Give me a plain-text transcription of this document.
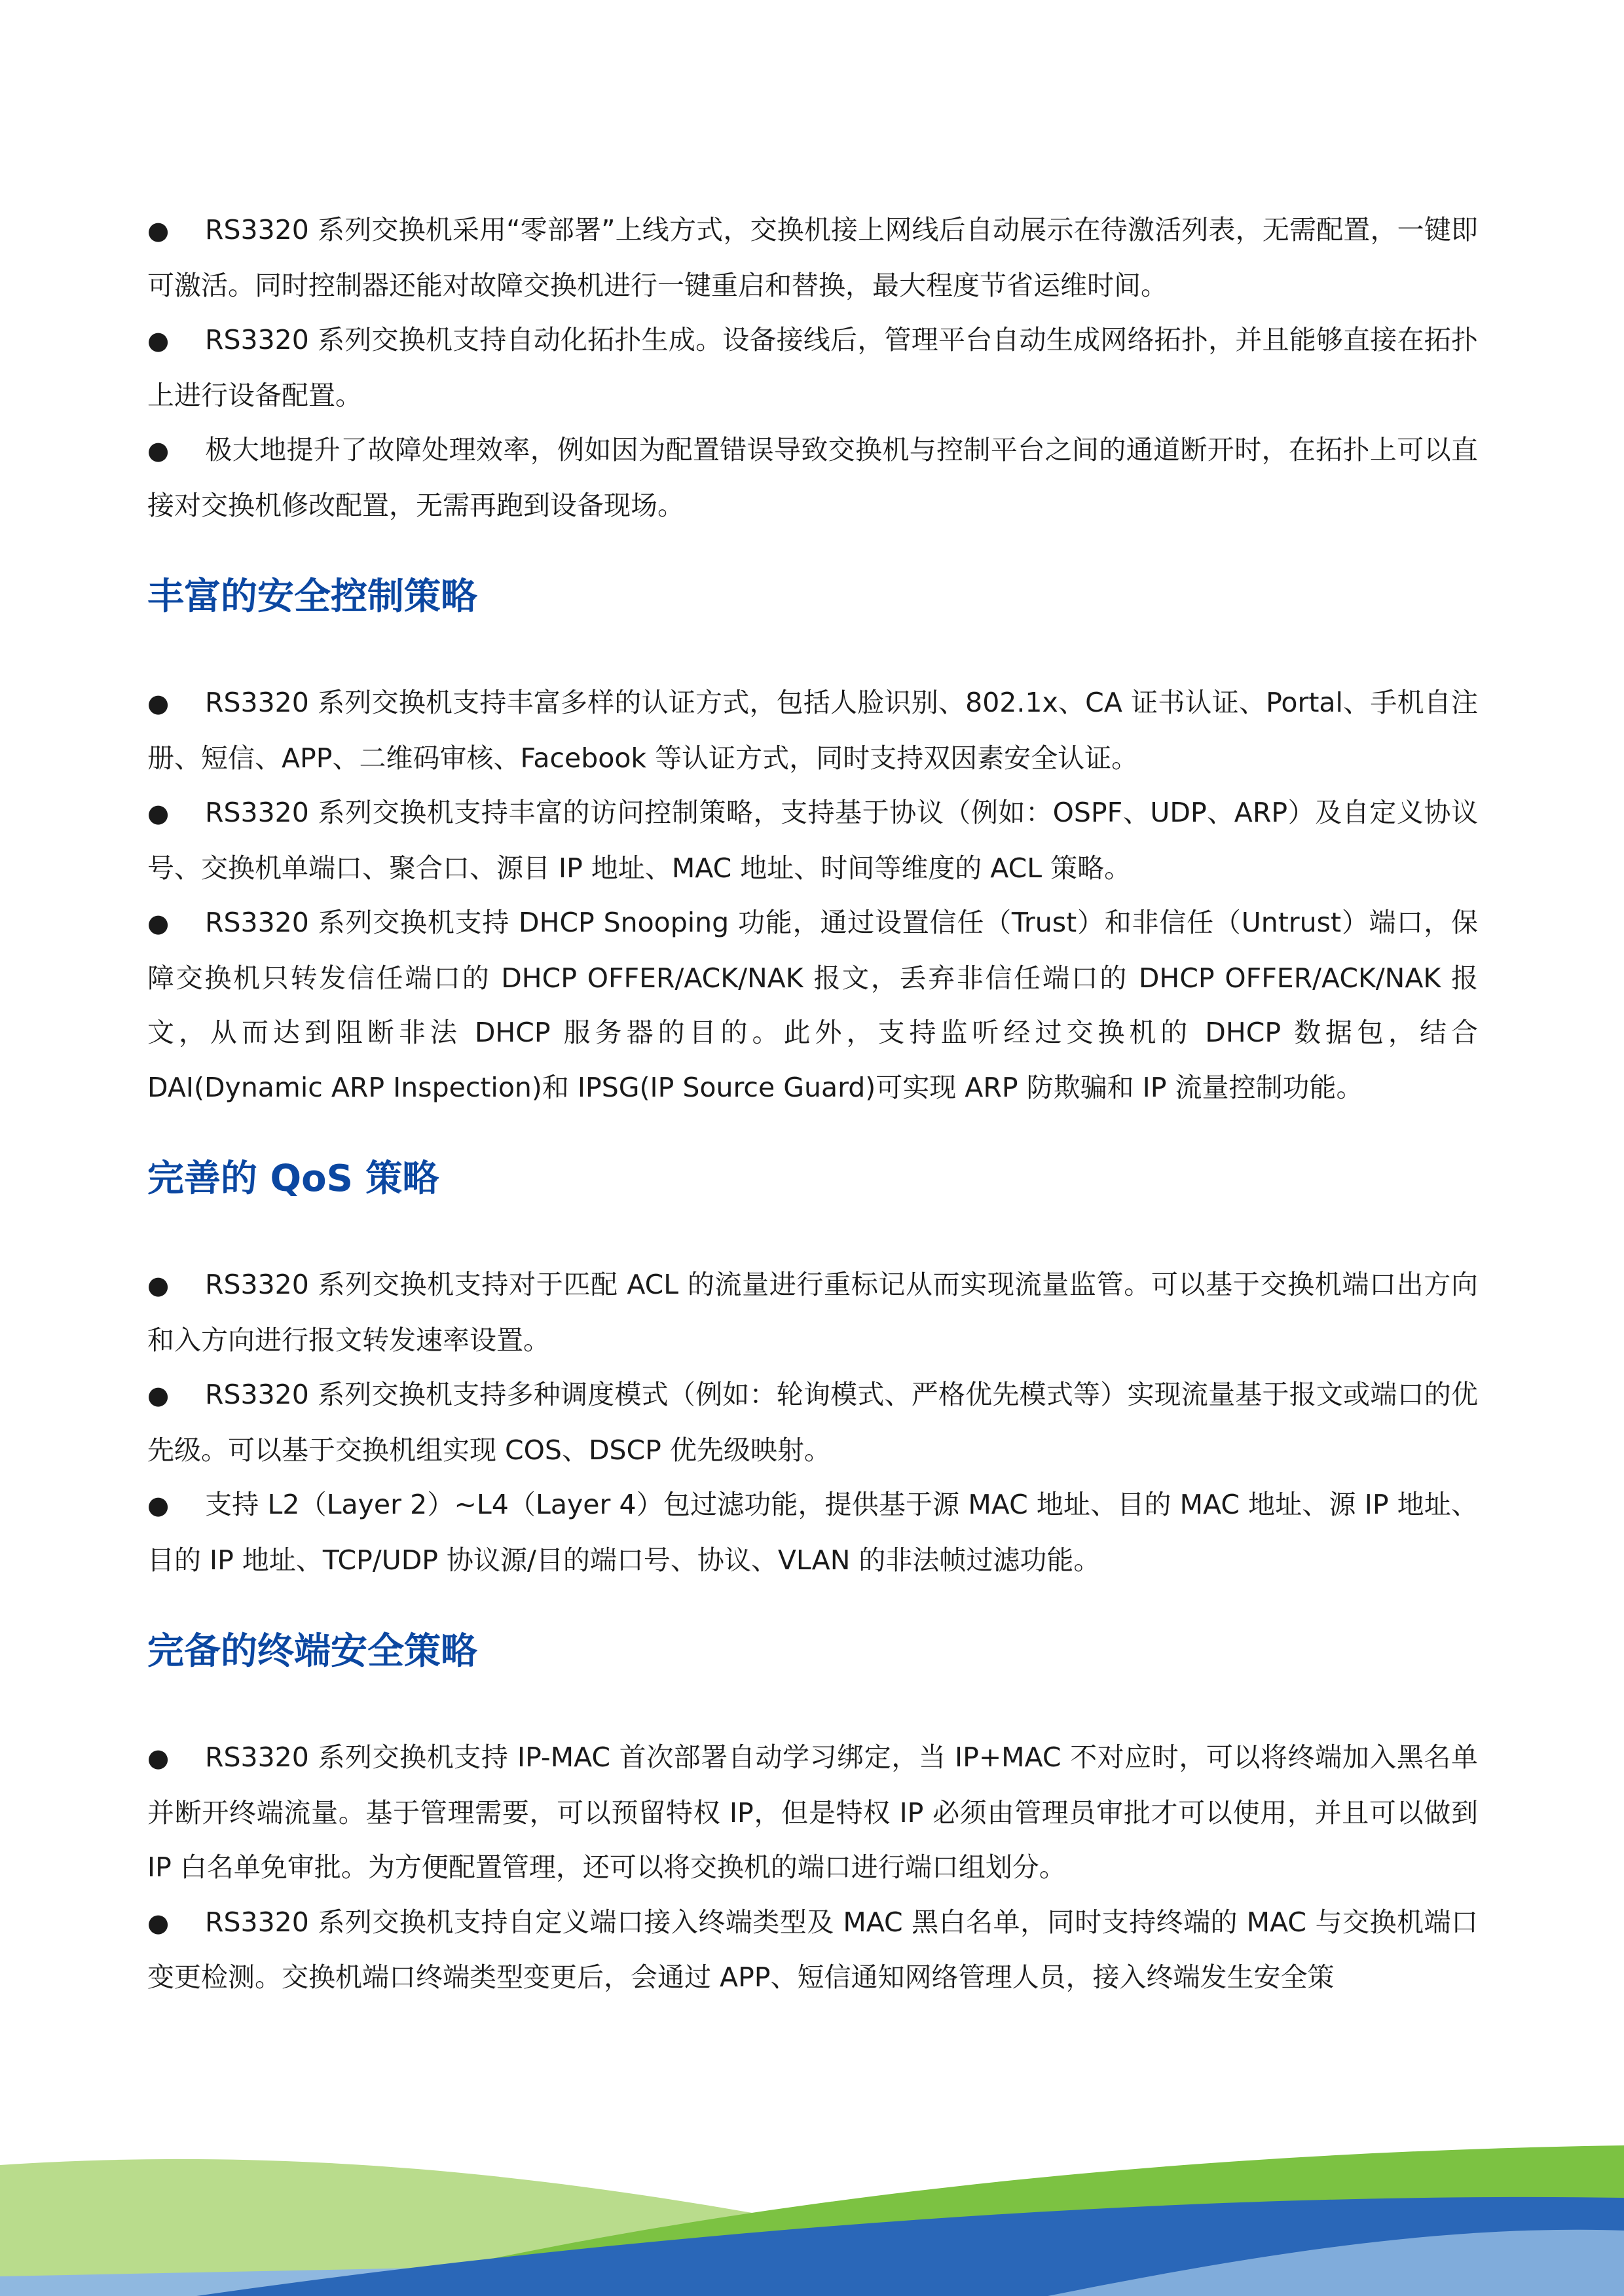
● RS3320 系列交换机采用“零部署”上线方式，交换机接上网线后自动展示在待激活列表，无需配置，一键即可激活。同时控制器还能对故障交换机进行一键重启和替换，最大程度节省运维时间。

● RS3320 系列交换机支持自动化拓扑生成。设备接线后，管理平台自动生成网络拓扑，并且能够直接在拓扑上进行设备配置。

● 极大地提升了故障处理效率，例如因为配置错误导致交换机与控制平台之间的通道断开时，在拓扑上可以直接对交换机修改配置，无需再跑到设备现场。

丰富的安全控制策略

● RS3320 系列交换机支持丰富多样的认证方式，包括人脸识别、802.1x、CA 证书认证、Portal、手机自注册、短信、APP、二维码审核、Facebook 等认证方式，同时支持双因素安全认证。

● RS3320 系列交换机支持丰富的访问控制策略，支持基于协议（例如：OSPF、UDP、ARP）及自定义协议号、交换机单端口、聚合口、源目 IP 地址、MAC 地址、时间等维度的 ACL 策略。

● RS3320 系列交换机支持 DHCP Snooping 功能，通过设置信任（Trust）和非信任（Untrust）端口，保障交换机只转发信任端口的 DHCP OFFER/ACK/NAK 报文，丢弃非信任端口的 DHCP OFFER/ACK/NAK 报文，从而达到阻断非法 DHCP 服务器的目的。此外，支持监听经过交换机的 DHCP 数据包，结合 DAI(Dynamic ARP Inspection)和 IPSG(IP Source Guard)可实现 ARP 防欺骗和 IP 流量控制功能。

完善的 QoS 策略

● RS3320 系列交换机支持对于匹配 ACL 的流量进行重标记从而实现流量监管。可以基于交换机端口出方向和入方向进行报文转发速率设置。

● RS3320 系列交换机支持多种调度模式（例如：轮询模式、严格优先模式等）实现流量基于报文或端口的优先级。可以基于交换机组实现 COS、DSCP 优先级映射。

● 支持 L2（Layer 2）~L4（Layer 4）包过滤功能，提供基于源 MAC 地址、目的 MAC 地址、源 IP 地址、目的 IP 地址、TCP/UDP 协议源/目的端口号、协议、VLAN 的非法帧过滤功能。

完备的终端安全策略

● RS3320 系列交换机支持 IP-MAC 首次部署自动学习绑定，当 IP+MAC 不对应时，可以将终端加入黑名单并断开终端流量。基于管理需要，可以预留特权 IP，但是特权 IP 必须由管理员审批才可以使用，并且可以做到 IP 白名单免审批。为方便配置管理，还可以将交换机的端口进行端口组划分。

● RS3320 系列交换机支持自定义端口接入终端类型及 MAC 黑白名单，同时支持终端的 MAC 与交换机端口变更检测。交换机端口终端类型变更后，会通过 APP、短信通知网络管理人员，接入终端发生安全策
